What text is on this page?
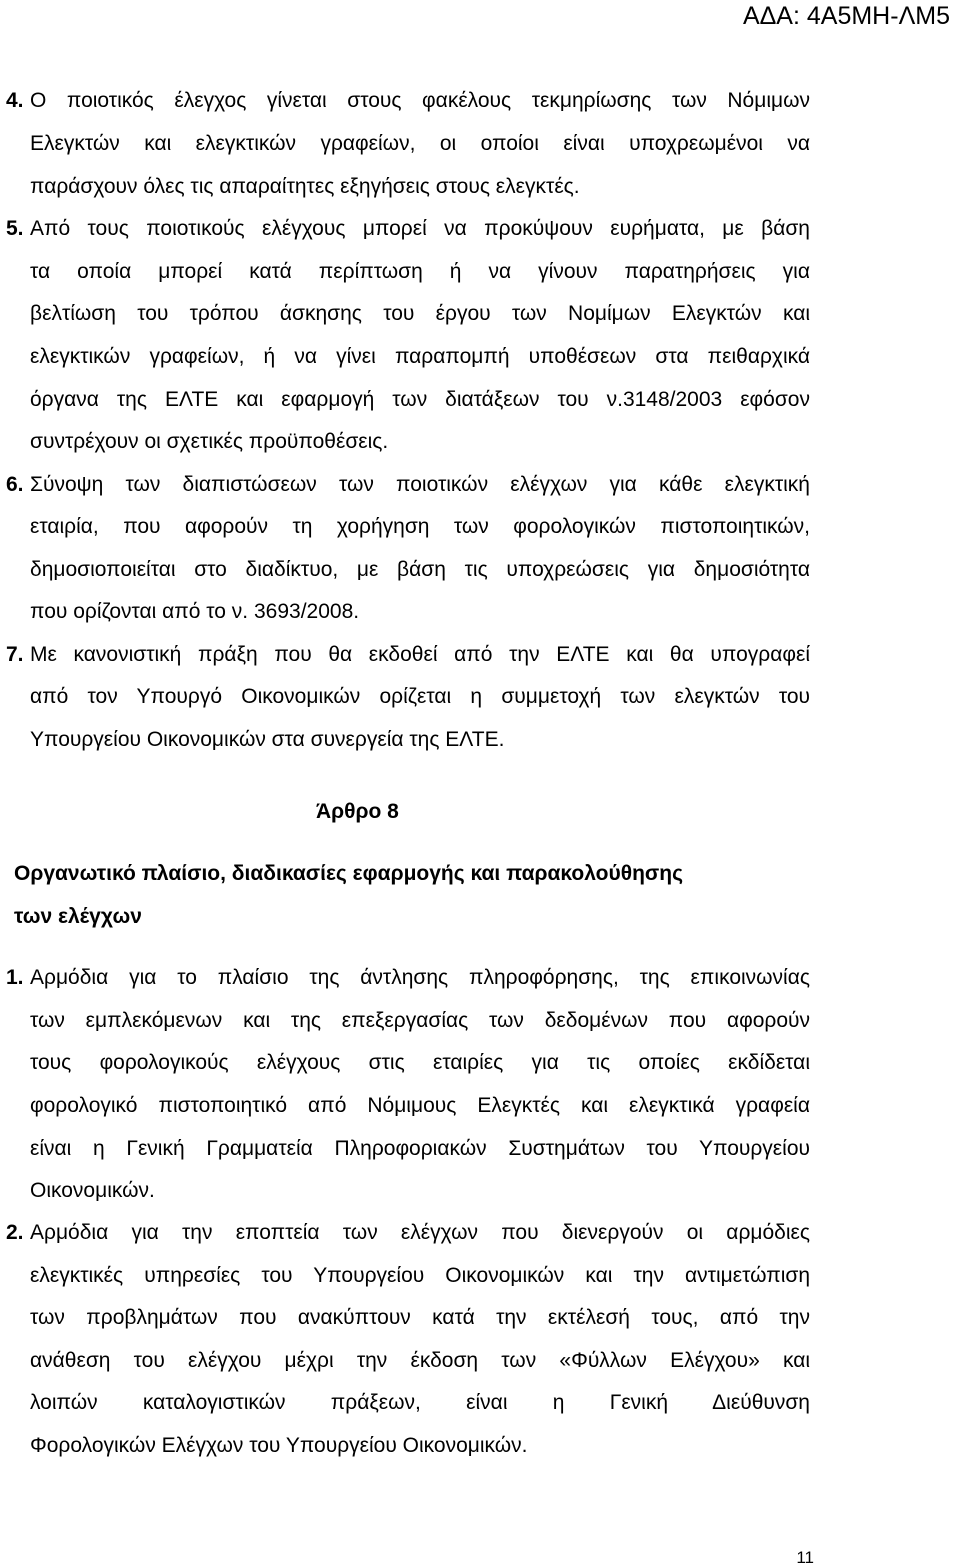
ΑΔΑ: 4Α5ΜΗ-ΛΜ5
4. Ο ποιοτικός έλεγχος γίνεται στους φακέλους τεκμηρίωσης των Νόμιμων
Ελεγκτών και ελεγκτικών γραφείων, οι οποίοι είναι υποχρεωμένοι να
παράσχουν όλες τις απαραίτητες εξηγήσεις στους ελεγκτές.
5. Από τους ποιοτικούς ελέγχους μπορεί να προκύψουν ευρήματα, με βάση
τα οποία μπορεί κατά περίπτωση ή να γίνουν παρατηρήσεις για
βελτίωση του τρόπου άσκησης του έργου των Νομίμων Ελεγκτών και
ελεγκτικών γραφείων, ή να γίνει παραπομπή υποθέσεων στα πειθαρχικά
όργανα της ΕΛΤΕ και εφαρμογή των διατάξεων του ν.3148/2003 εφόσον
συντρέχουν οι σχετικές προϋποθέσεις.
6. Σύνοψη των διαπιστώσεων των ποιοτικών ελέγχων για κάθε ελεγκτική
εταιρία, που αφορούν τη χορήγηση των φορολογικών πιστοποιητικών,
δημοσιοποιείται στο διαδίκτυο, με βάση τις υποχρεώσεις για δημοσιότητα
που ορίζονται από το ν. 3693/2008.
7. Με κανονιστική πράξη που θα εκδοθεί από την ΕΛΤΕ και θα υπογραφεί
από τον Υπουργό Οικονομικών ορίζεται η συμμετοχή των ελεγκτών του
Υπουργείου Οικονομικών στα συνεργεία της ΕΛΤΕ.
Άρθρο 8
Οργανωτικό πλαίσιο, διαδικασίες εφαρμογής και παρακολούθησης
των ελέγχων
1. Αρμόδια για το πλαίσιο της άντλησης πληροφόρησης, της επικοινωνίας
των εμπλεκόμενων και της επεξεργασίας των δεδομένων που αφορούν
τους φορολογικούς ελέγχους στις εταιρίες για τις οποίες εκδίδεται
φορολογικό πιστοποιητικό από Νόμιμους Ελεγκτές και ελεγκτικά γραφεία
είναι η Γενική Γραμματεία Πληροφοριακών Συστημάτων του Υπουργείου
Οικονομικών.
2. Αρμόδια για την εποπτεία των ελέγχων που διενεργούν οι αρμόδιες
ελεγκτικές υπηρεσίες του Υπουργείου Οικονομικών και την αντιμετώπιση
των προβλημάτων που ανακύπτουν κατά την εκτέλεσή τους, από την
ανάθεση του ελέγχου μέχρι την έκδοση των «Φύλλων Ελέγχου» και
λοιπών καταλογιστικών πράξεων, είναι η Γενική Διεύθυνση
Φορολογικών Ελέγχων του Υπουργείου Οικονομικών.
11
